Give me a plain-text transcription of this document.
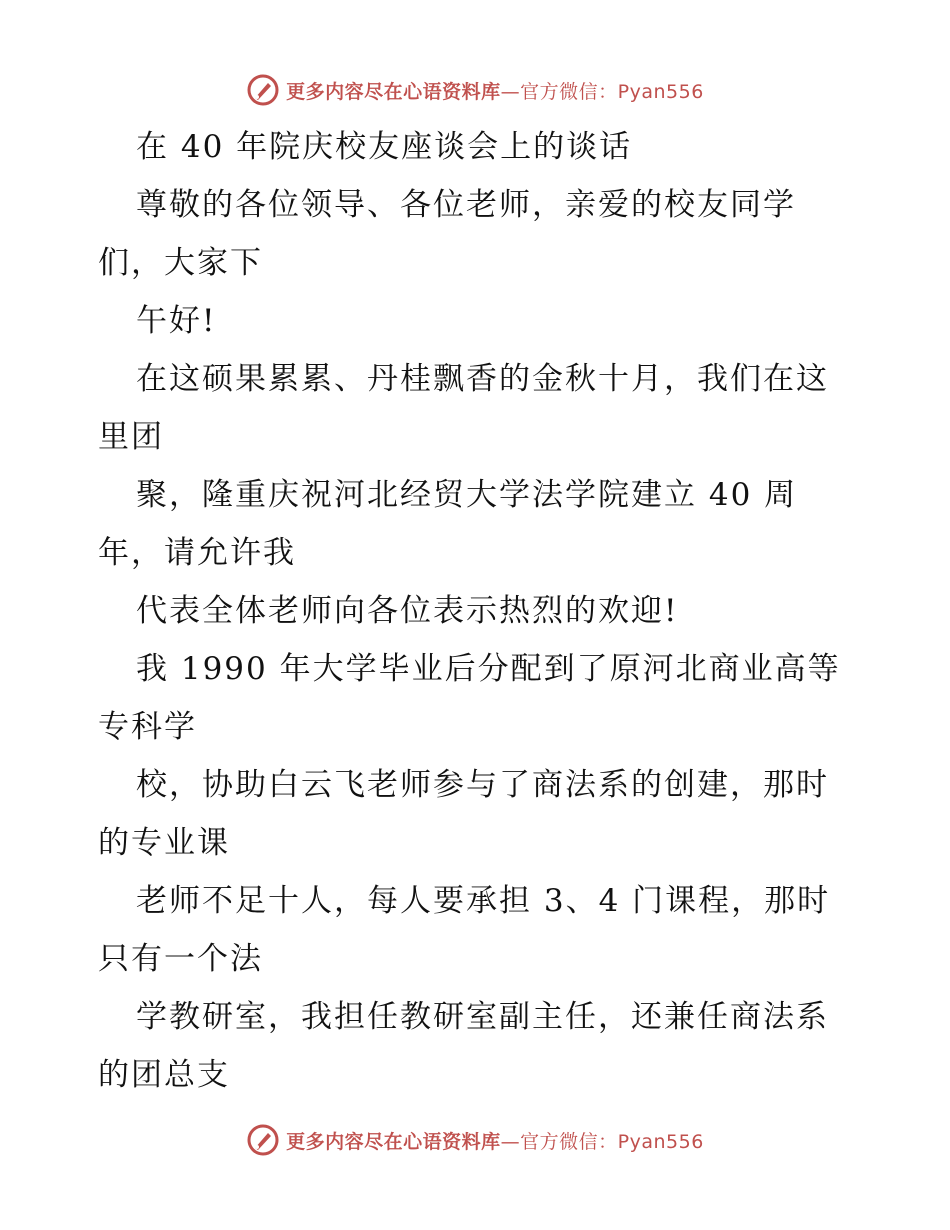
更多内容尽在心语资料库—官方微信：Pyan556
在 40 年院庆校友座谈会上的谈话
尊敬的各位领导、各位老师，亲爱的校友同学
们，大家下
午好!
在这硕果累累、丹桂飘香的金秋十月，我们在这
里团
聚，隆重庆祝河北经贸大学法学院建立 40 周
年，请允许我
代表全体老师向各位表示热烈的欢迎!
我 1990 年大学毕业后分配到了原河北商业高等
专科学
校，协助白云飞老师参与了商法系的创建，那时
的专业课
老师不足十人，每人要承担 3、4 门课程，那时
只有一个法
学教研室，我担任教研室副主任，还兼任商法系
的团总支
更多内容尽在心语资料库—官方微信：Pyan556
